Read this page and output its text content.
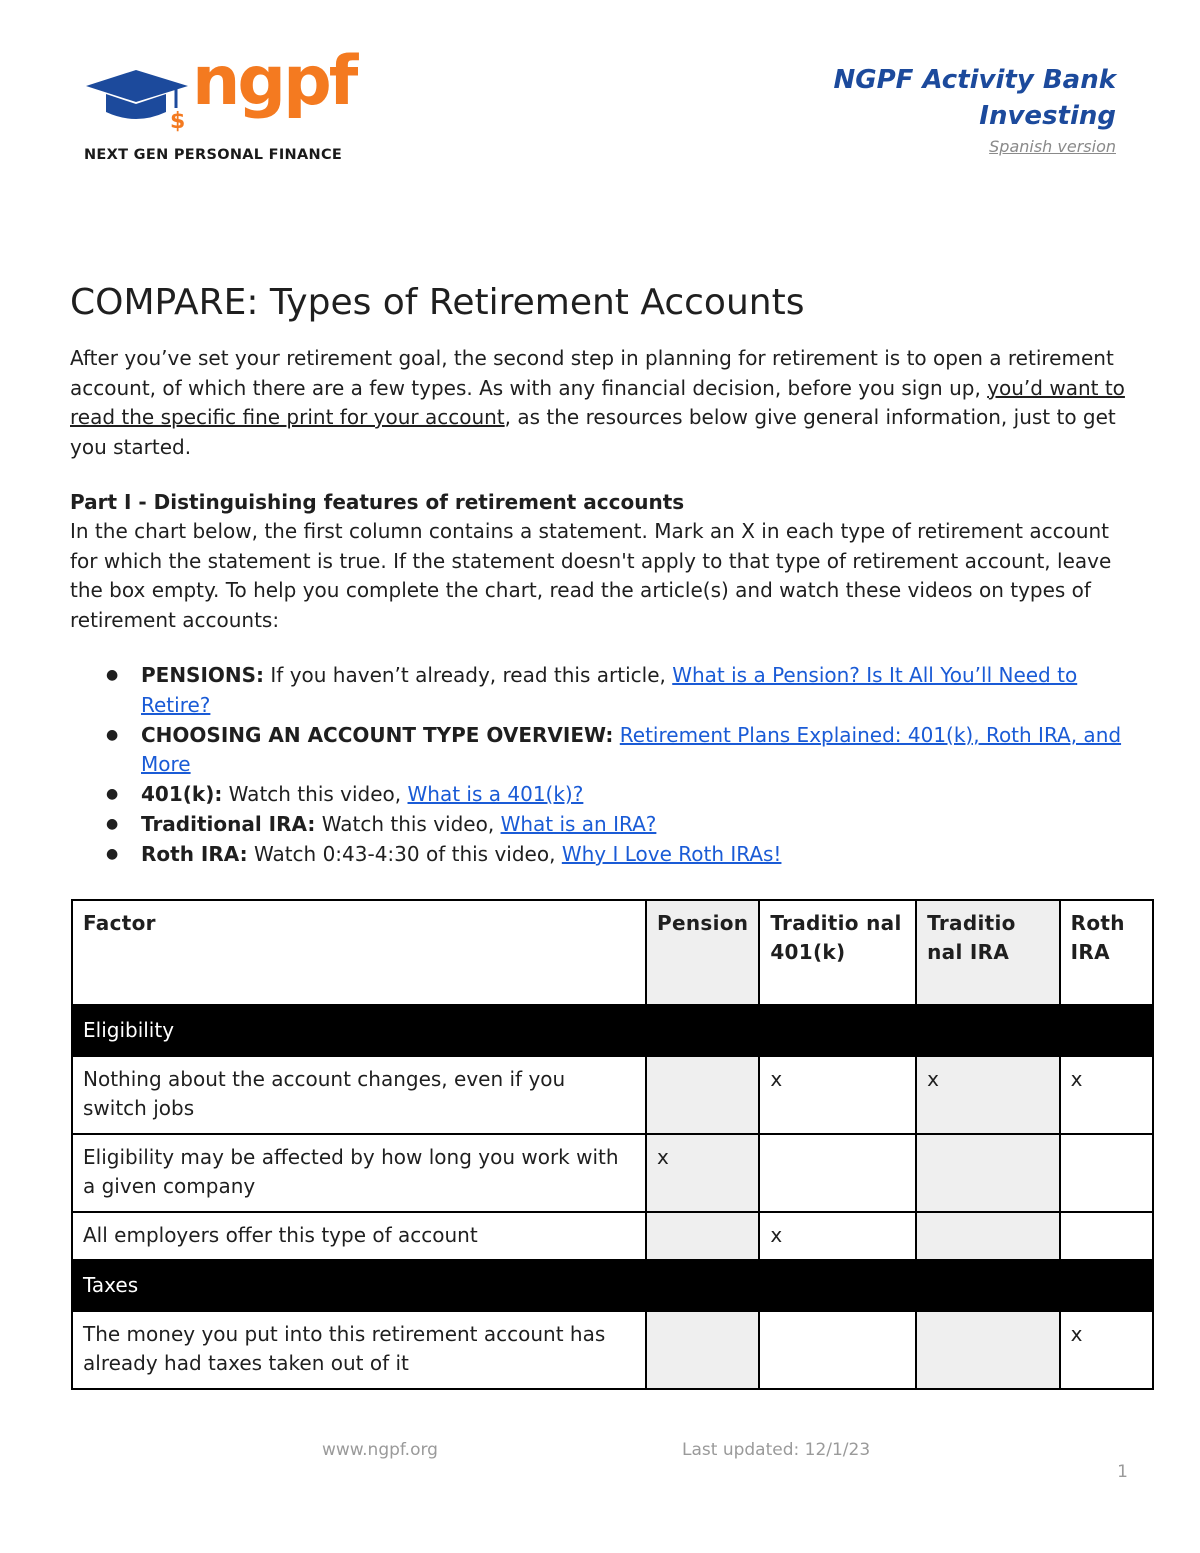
$
ngpf
NEXT GEN PERSONAL FINANCE
NGPF Activity Bank
Investing
Spanish version
COMPARE: Types of Retirement Accounts

After you’ve set your retirement goal, the second step in planning for retirement is to open a retirement account, of which there are a few types. As with any financial decision, before you sign up, you’d want to read the specific fine print for your account, as the resources below give general information, just to get you started.

Part I - Distinguishing features of retirement accounts

In the chart below, the first column contains a statement. Mark an X in each type of retirement account for which the statement is true. If the statement doesn't apply to that type of retirement account, leave the box empty. To help you complete the chart, read the article(s) and watch these videos on types of retirement accounts:

● PENSIONS: If you haven’t already, read this article, What is a Pension? Is It All You’ll Need to Retire?
● CHOOSING AN ACCOUNT TYPE OVERVIEW: Retirement Plans Explained: 401(k), Roth IRA, and More
● 401(k): Watch this video, What is a 401(k)?
● Traditional IRA: Watch this video, What is an IRA?
● Roth IRA: Watch 0:43-4:30 of this video, Why I Love Roth IRAs!
Factor	Pension	Traditio nal 401(k)	Traditio nal IRA	Roth IRA
Eligibility				
Nothing about the account changes, even if you switch jobs		x	x	x
Eligibility may be affected by how long you work with a given company	x			
All employers offer this type of account		x		
Taxes				
The money you put into this retirement account has already had taxes taken out of it				x
www.ngpf.org	Last updated: 12/1/23
1
